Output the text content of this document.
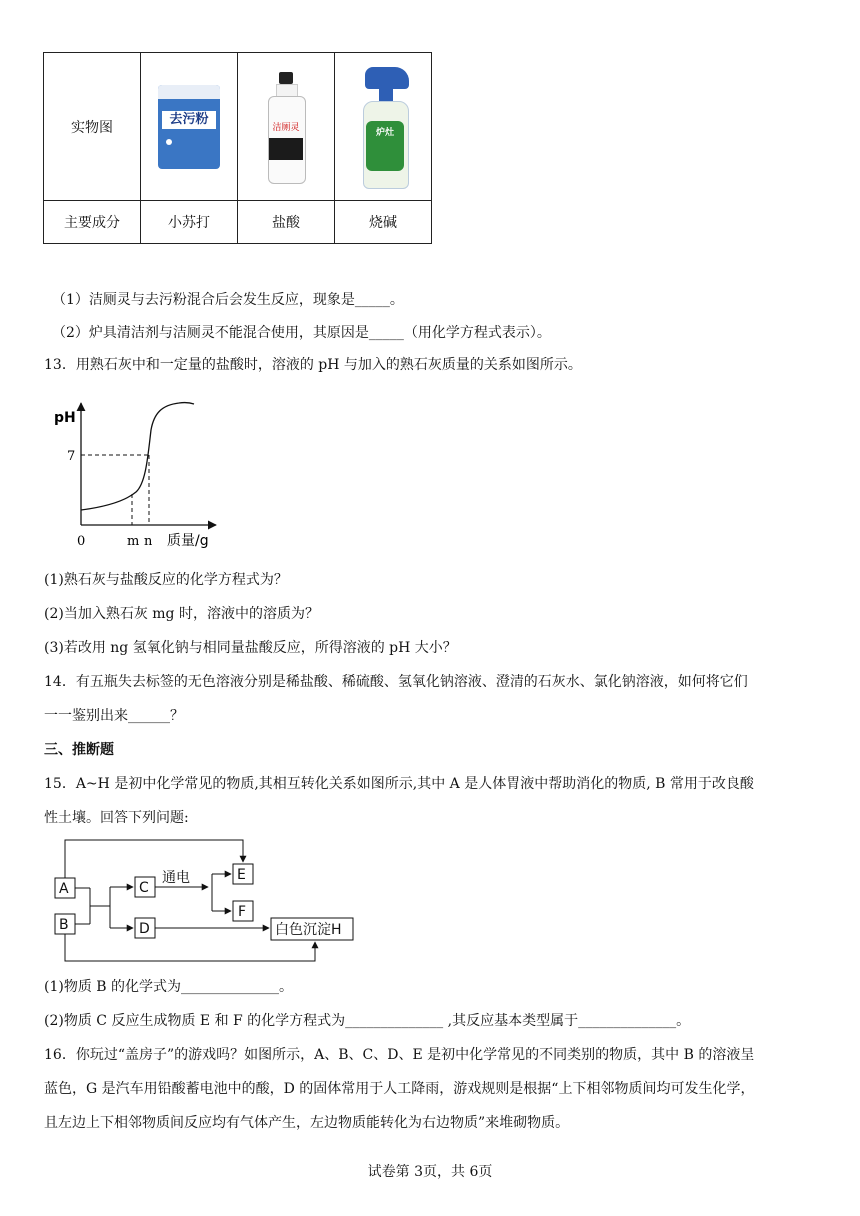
实物图	去污粉	洁厕灵	炉灶

主要成分	小苏打	盐酸	烧碱
（1）洁厕灵与去污粉混合后会发生反应，现象是_____。
（2）炉具清洁剂与洁厕灵不能混合使用，其原因是_____（用化学方程式表示）。
13．用熟石灰中和一定量的盐酸时，溶液的 pH 与加入的熟石灰质量的关系如图所示。
pH
7
0	m n 质量/g
(1)熟石灰与盐酸反应的化学方程式为？
(2)当加入熟石灰 mg 时，溶液中的溶质为？
(3)若改用 ng 氢氧化钠与相同量盐酸反应，所得溶液的 pH 大小？
14．有五瓶失去标签的无色溶液分别是稀盐酸、稀硫酸、氢氧化钠溶液、澄清的石灰水、氯化钠溶液，如何将它们
一一鉴别出来______？
三、推断题
15．A~H 是初中化学常见的物质,其相互转化关系如图所示,其中 A 是人体胃液中帮助消化的物质, B 常用于改良酸
性土壤。回答下列问题:
A
B
C
D
E
F
白色沉淀H
通电
(1)物质 B 的化学式为______________。
(2)物质 C 反应生成物质 E 和 F 的化学方程式为______________ ,其反应基本类型属于______________。
16．你玩过“盖房子”的游戏吗？如图所示，A、B、C、D、E 是初中化学常见的不同类别的物质，其中 B 的溶液呈
蓝色，G 是汽车用铅酸蓄电池中的酸，D 的固体常用于人工降雨，游戏规则是根据“上下相邻物质间均可发生化学，
且左边上下相邻物质间反应均有气体产生，左边物质能转化为右边物质”来堆砌物质。
试卷第 3页，共 6页
